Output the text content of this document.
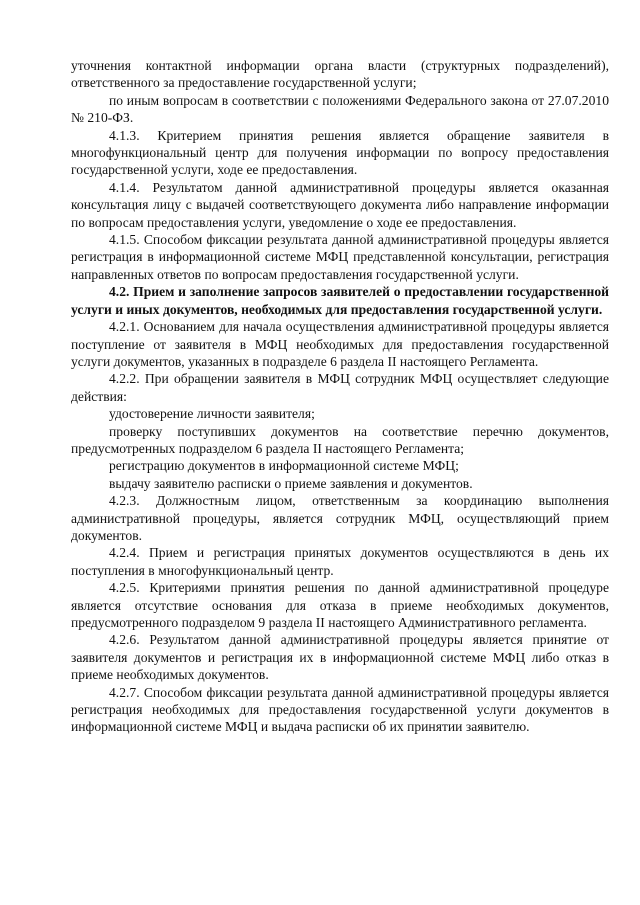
уточнения контактной информации органа власти (структурных подразделений), ответственного за предоставление государственной услуги;

по иным вопросам в соответствии с положениями Федерального закона от 27.07.2010 № 210-ФЗ.

4.1.3. Критерием принятия решения является обращение заявителя в многофункциональный центр для получения информации по вопросу предоставления государственной услуги, ходе ее предоставления.

4.1.4. Результатом данной административной процедуры является оказанная консультация лицу с выдачей соответствующего документа либо направление информации по вопросам предоставления услуги, уведомление о ходе ее предоставления.

4.1.5. Способом фиксации результата данной административной процедуры является регистрация в информационной системе МФЦ представленной консультации, регистрация направленных ответов по вопросам предоставления государственной услуги.

4.2. Прием и заполнение запросов заявителей о предоставлении государственной услуги и иных документов, необходимых для предоставления государственной услуги.

4.2.1. Основанием для начала осуществления административной процедуры является поступление от заявителя в МФЦ необходимых для предоставления государственной услуги документов, указанных в подразделе 6 раздела II настоящего Регламента.

4.2.2. При обращении заявителя в МФЦ сотрудник МФЦ осуществляет следующие действия:

удостоверение личности заявителя;

проверку поступивших документов на соответствие перечню документов, предусмотренных подразделом 6 раздела II настоящего Регламента;

регистрацию документов в информационной системе МФЦ;

выдачу заявителю расписки о приеме заявления и документов.

4.2.3. Должностным лицом, ответственным за координацию выполнения административной процедуры, является сотрудник МФЦ, осуществляющий прием документов.

4.2.4. Прием и регистрация принятых документов осуществляются в день их поступления в многофункциональный центр.

4.2.5. Критериями принятия решения по данной административной процедуре является отсутствие основания для отказа в приеме необходимых документов, предусмотренного подразделом 9 раздела II настоящего Административного регламента.

4.2.6. Результатом данной административной процедуры является принятие от заявителя документов и регистрация их в информационной системе МФЦ либо отказ в приеме необходимых документов.

4.2.7. Способом фиксации результата данной административной процедуры является регистрация необходимых для предоставления государственной услуги документов в информационной системе МФЦ и выдача расписки об их принятии заявителю.
